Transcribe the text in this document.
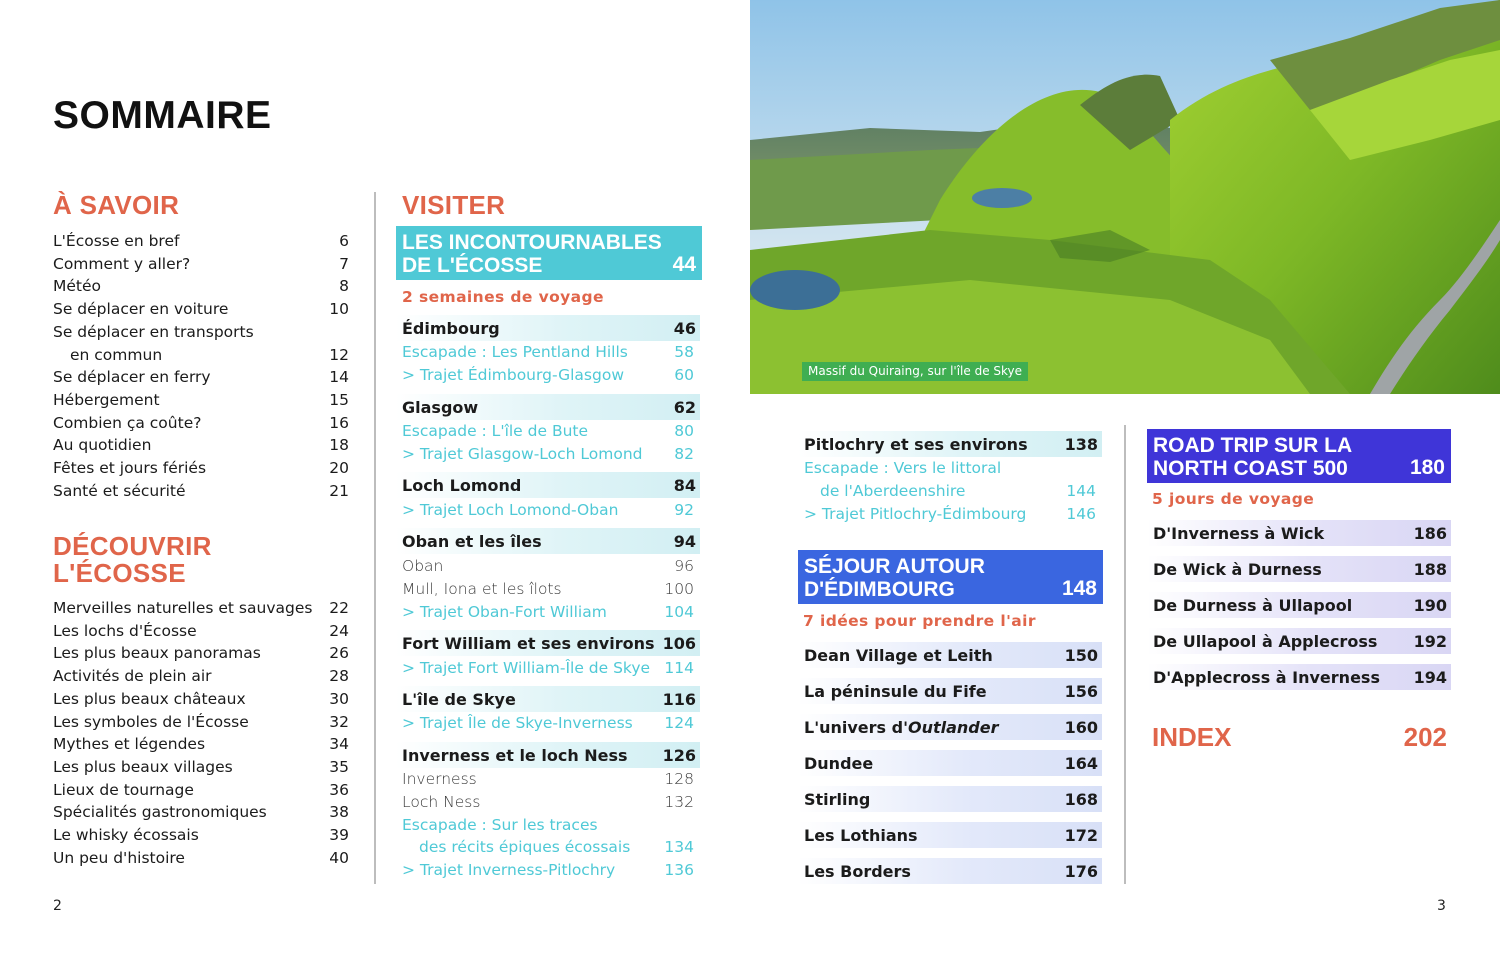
SOMMAIRE
À SAVOIR
L'Écosse en bref	6
Comment y aller?	7
Météo	8
Se déplacer en voiture	10
Se déplacer en transports
en commun	12
Se déplacer en ferry	14
Hébergement	15
Combien ça coûte?	16
Au quotidien	18
Fêtes et jours fériés	20
Santé et sécurité	21
DÉCOUVRIR
L'ÉCOSSE
Merveilles naturelles et sauvages 22
Les lochs d'Écosse	24
Les plus beaux panoramas	26
Activités de plein air	28
Les plus beaux châteaux	30
Les symboles de l'Écosse	32
Mythes et légendes	34
Les plus beaux villages	35
Lieux de tournage	36
Spécialités gastronomiques	38
Le whisky écossais	39
Un peu d'histoire	40
VISITER
LES INCONTOURNABLES
DE L'ÉCOSSE	44
2 semaines de voyage
Édimbourg	46
Escapade : Les Pentland Hills	58
> Trajet Édimbourg-Glasgow	60
Glasgow	62
Escapade : L'île de Bute	80
> Trajet Glasgow-Loch Lomond 82
Loch Lomond	84
> Trajet Loch Lomond-Oban	92
Oban et les îles	94
Oban	96
Mull, Iona et les îlots	100
> Trajet Oban-Fort William	104
Fort William et ses environs 106
> Trajet Fort William-Île de Skye 114
L'île de Skye	116
> Trajet Île de Skye-Inverness 124
Inverness et le loch Ness 126
Inverness	128
Loch Ness	132
Escapade : Sur les traces
des récits épiques écossais 134
> Trajet Inverness-Pitlochry	136
Massif du Quiraing, sur l'île de Skye
Pitlochry et ses environs 138
Escapade : Vers le littoral
de l'Aberdeenshire	144
> Trajet Pitlochry-Édimbourg	146
SÉJOUR AUTOUR
D'ÉDIMBOURG	148
7 idées pour prendre l'air
Dean Village et Leith	150
La péninsule du Fife	156
L'univers d'Outlander	160
Dundee	164
Stirling	168
Les Lothians	172
Les Borders	176
ROAD TRIP SUR LA
NORTH COAST 500	180
5 jours de voyage
D'Inverness à Wick	186
De Wick à Durness	188
De Durness à Ullapool	190
De Ullapool à Applecross 192
D'Applecross à Inverness 194
INDEX	202
2	3
